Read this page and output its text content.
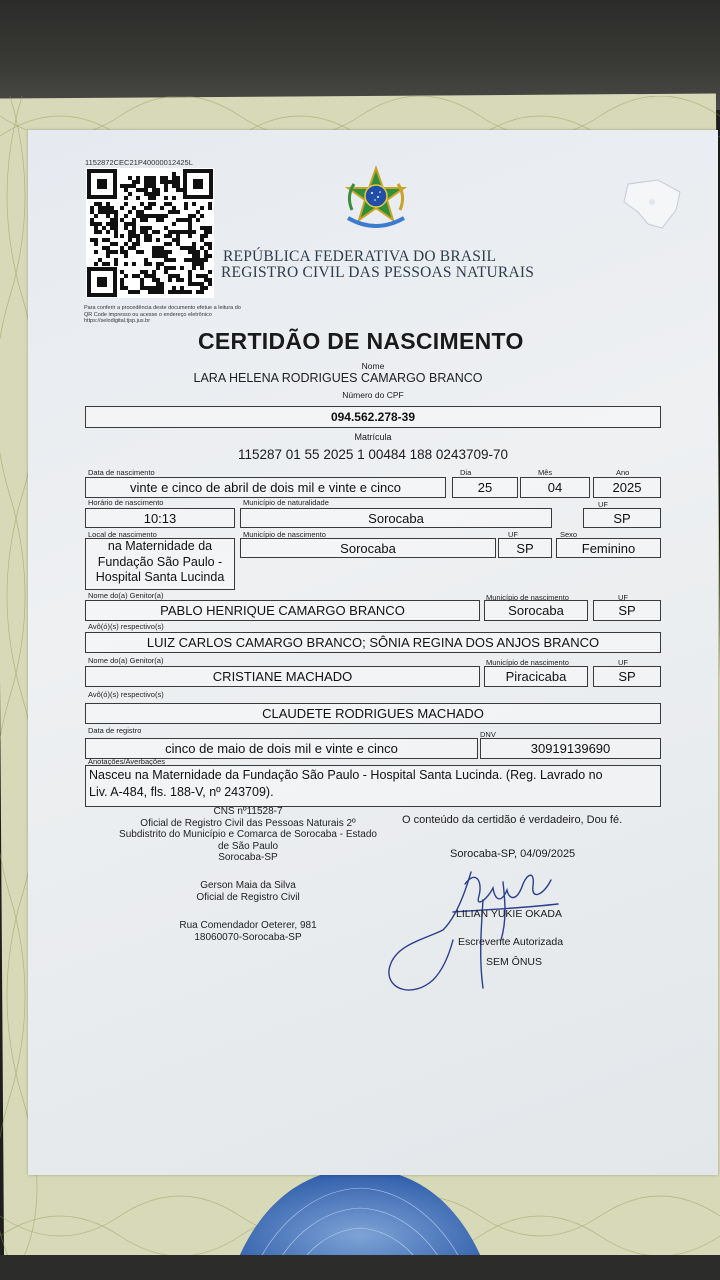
1152872CEC21P40000012425L
Para conferir a procedência deste documento efetue a leitura do QR Code impresso ou acesse o endereço eletrônico https://selodigital.tjsp.jus.br
REPÚBLICA FEDERATIVA DO BRASIL
REGISTRO CIVIL DAS PESSOAS NATURAIS
CERTIDÃO DE NASCIMENTO
Nome
LARA HELENA RODRIGUES CAMARGO BRANCO
Número do CPF
094.562.278-39
Matrícula
115287 01 55 2025 1 00484 188 0243709-70
Data de nascimento	Dia	Mês	Ano
vinte e cinco de abril de dois mil e vinte e cinco	25	04	2025
Horário de nascimento	Município de naturalidade	UF
10:13	Sorocaba	SP
Local de nascimento	Município de nascimento	UF	Sexo
na Maternidade da
Fundação São Paulo -
Hospital Santa Lucinda
Sorocaba	SP	Feminino
Nome do(a) Genitor(a)	Município de nascimento	UF
PABLO HENRIQUE CAMARGO BRANCO	Sorocaba	SP
Avô(ó)(s) respectivo(s)
LUIZ CARLOS CAMARGO BRANCO; SÔNIA REGINA DOS ANJOS BRANCO
Nome do(a) Genitor(a)	Município de nascimento	UF
CRISTIANE MACHADO	Piracicaba	SP
Avô(ó)(s) respectivo(s)
CLAUDETE RODRIGUES MACHADO
Data de registro	DNV
cinco de maio de dois mil e vinte e cinco	30919139690
Anotações/Averbações
Nasceu na Maternidade da Fundação São Paulo - Hospital Santa Lucinda. (Reg. Lavrado no
Liv. A-484, fls. 188-V, nº 243709).
CNS nº11528-7
Oficial de Registro Civil das Pessoas Naturais 2º
Subdistrito do Município e Comarca de Sorocaba - Estado
de São Paulo
Sorocaba-SP
Gerson Maia da Silva
Oficial de Registro Civil
Rua Comendador Oeterer, 981
18060070-Sorocaba-SP
O conteúdo da certidão é verdadeiro, Dou fé.
Sorocaba-SP, 04/09/2025
LILIAN YUKIE OKADA
Escrevente Autorizada
SEM ÔNUS
